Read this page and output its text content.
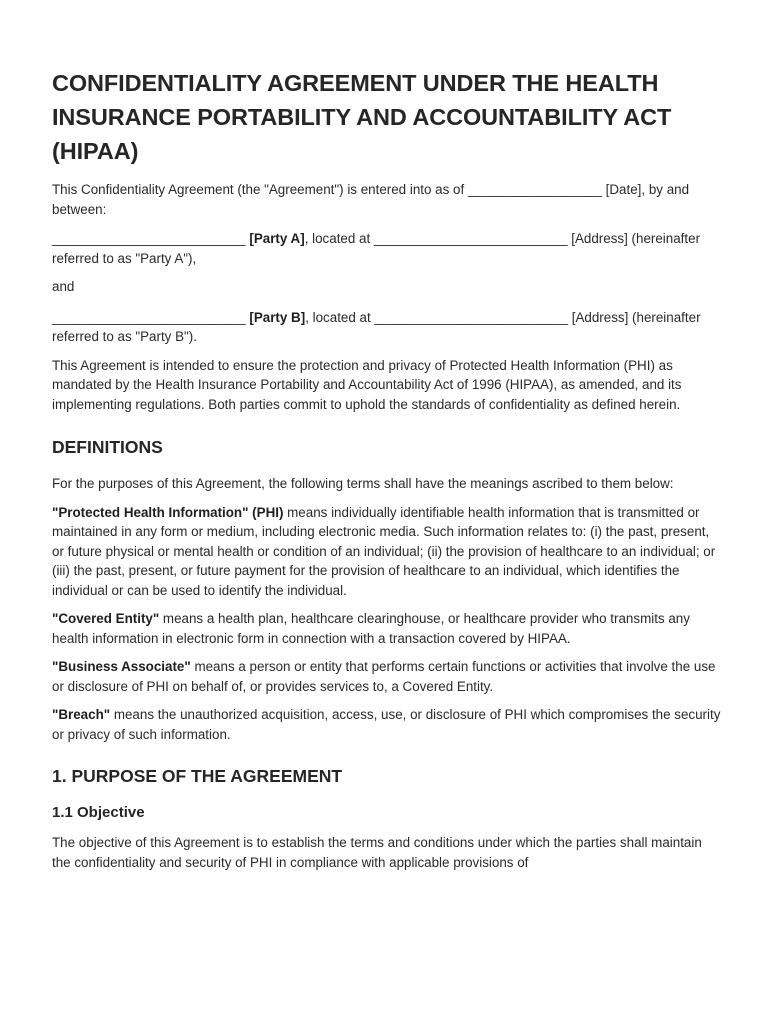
CONFIDENTIALITY AGREEMENT UNDER THE HEALTH INSURANCE PORTABILITY AND ACCOUNTABILITY ACT (HIPAA)

This Confidentiality Agreement (the "Agreement") is entered into as of __________________ [Date], by and between:

__________________________ [Party A], located at __________________________ [Address] (hereinafter referred to as "Party A"),

and

__________________________ [Party B], located at __________________________ [Address] (hereinafter referred to as "Party B").

This Agreement is intended to ensure the protection and privacy of Protected Health Information (PHI) as mandated by the Health Insurance Portability and Accountability Act of 1996 (HIPAA), as amended, and its implementing regulations. Both parties commit to uphold the standards of confidentiality as defined herein.

DEFINITIONS

For the purposes of this Agreement, the following terms shall have the meanings ascribed to them below:

"Protected Health Information" (PHI) means individually identifiable health information that is transmitted or maintained in any form or medium, including electronic media. Such information relates to: (i) the past, present, or future physical or mental health or condition of an individual; (ii) the provision of healthcare to an individual; or (iii) the past, present, or future payment for the provision of healthcare to an individual, which identifies the individual or can be used to identify the individual.

"Covered Entity" means a health plan, healthcare clearinghouse, or healthcare provider who transmits any health information in electronic form in connection with a transaction covered by HIPAA.

"Business Associate" means a person or entity that performs certain functions or activities that involve the use or disclosure of PHI on behalf of, or provides services to, a Covered Entity.

"Breach" means the unauthorized acquisition, access, use, or disclosure of PHI which compromises the security or privacy of such information.

1. PURPOSE OF THE AGREEMENT
1.1 Objective

The objective of this Agreement is to establish the terms and conditions under which the parties shall maintain the confidentiality and security of PHI in compliance with applicable provisions of
